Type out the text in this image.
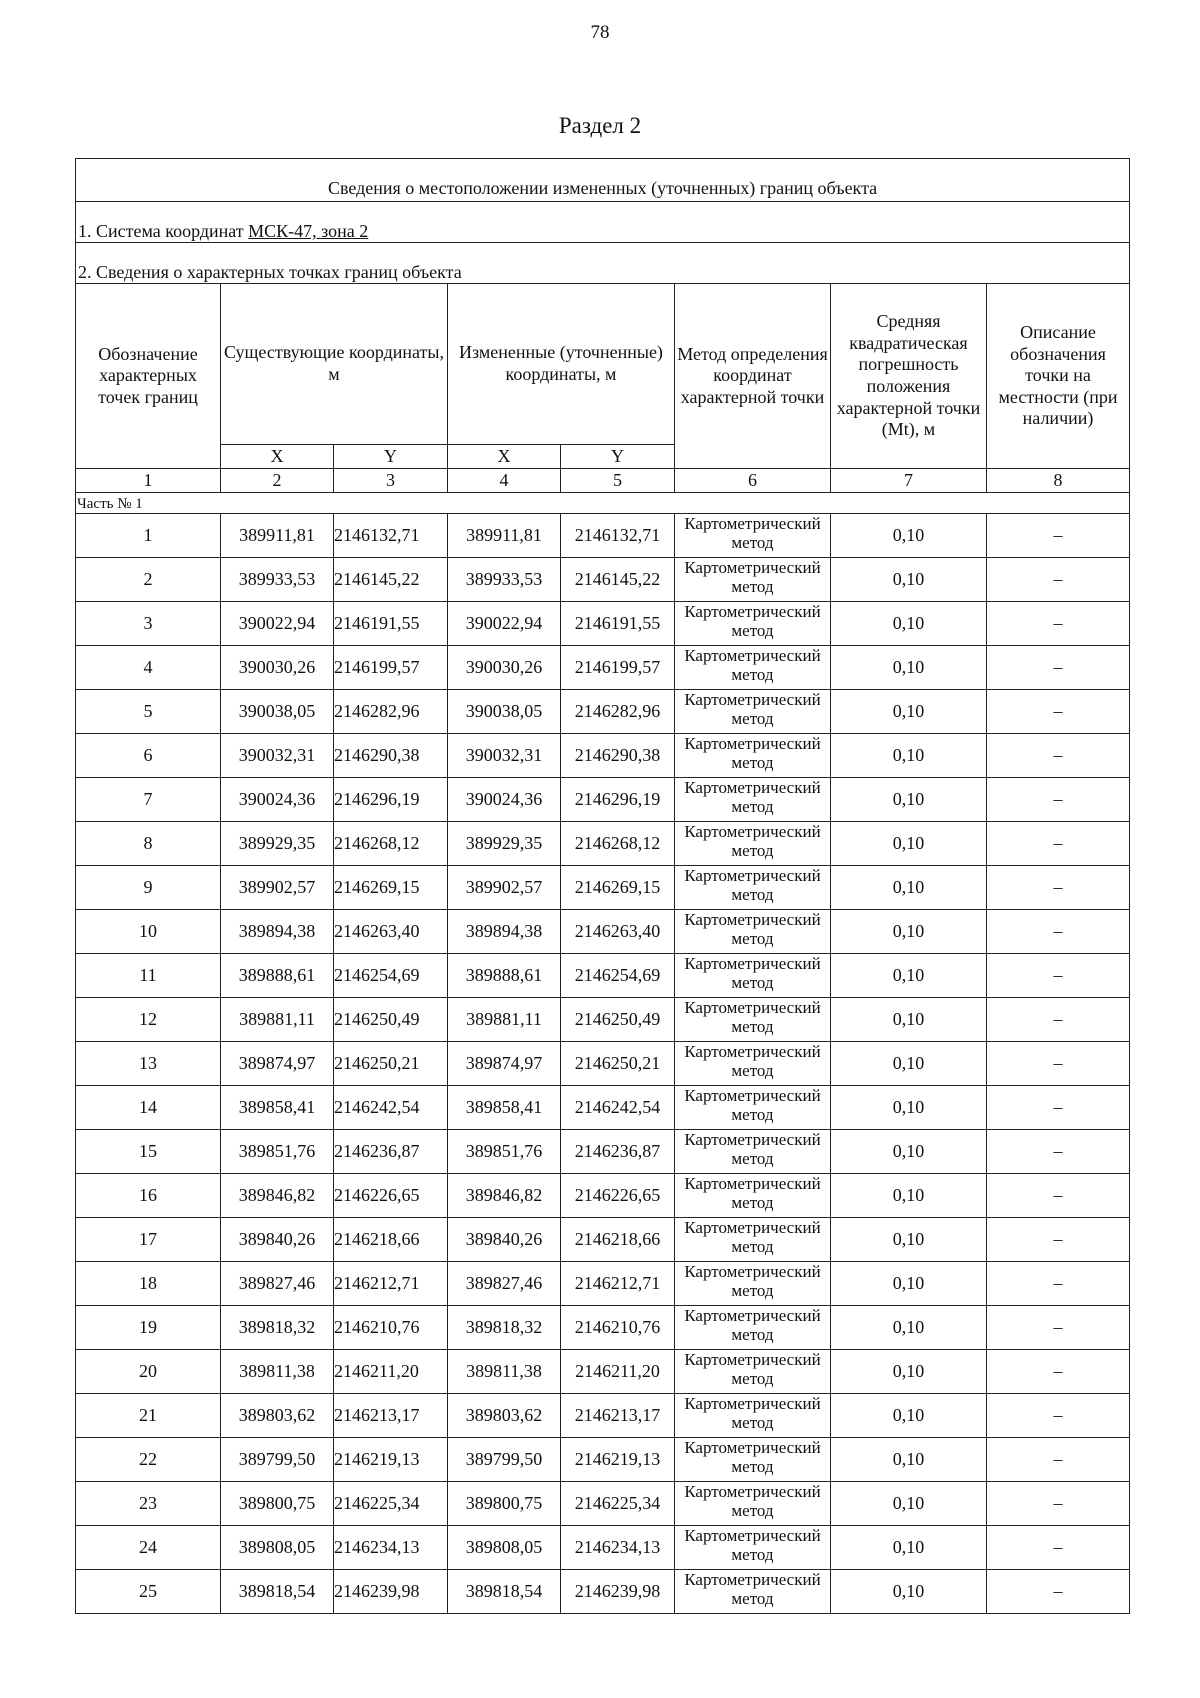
78
Раздел 2
Сведения о местоположении измененных (уточненных) границ объекта							
1. Система координат МСК-47, зона 2							
2. Сведения о характерных точках границ объекта							
Обозначение характерных точек границ	Существующие координаты, м		Измененные (уточненные) координаты, м		Метод определения координат характерной точки	Средняя квадратическая погрешность положения характерной точки (Мt), м	Описание обозначения точки на местности (при наличии)
	X	Y	X	Y			
1	2	3	4	5	6	7	8
Часть № 1							
1	389911,81	2146132,71	389911,81	2146132,71	Картометрический метод	0,10	–
2	389933,53	2146145,22	389933,53	2146145,22	Картометрический метод	0,10	–
3	390022,94	2146191,55	390022,94	2146191,55	Картометрический метод	0,10	–
4	390030,26	2146199,57	390030,26	2146199,57	Картометрический метод	0,10	–
5	390038,05	2146282,96	390038,05	2146282,96	Картометрический метод	0,10	–
6	390032,31	2146290,38	390032,31	2146290,38	Картометрический метод	0,10	–
7	390024,36	2146296,19	390024,36	2146296,19	Картометрический метод	0,10	–
8	389929,35	2146268,12	389929,35	2146268,12	Картометрический метод	0,10	–
9	389902,57	2146269,15	389902,57	2146269,15	Картометрический метод	0,10	–
10	389894,38	2146263,40	389894,38	2146263,40	Картометрический метод	0,10	–
11	389888,61	2146254,69	389888,61	2146254,69	Картометрический метод	0,10	–
12	389881,11	2146250,49	389881,11	2146250,49	Картометрический метод	0,10	–
13	389874,97	2146250,21	389874,97	2146250,21	Картометрический метод	0,10	–
14	389858,41	2146242,54	389858,41	2146242,54	Картометрический метод	0,10	–
15	389851,76	2146236,87	389851,76	2146236,87	Картометрический метод	0,10	–
16	389846,82	2146226,65	389846,82	2146226,65	Картометрический метод	0,10	–
17	389840,26	2146218,66	389840,26	2146218,66	Картометрический метод	0,10	–
18	389827,46	2146212,71	389827,46	2146212,71	Картометрический метод	0,10	–
19	389818,32	2146210,76	389818,32	2146210,76	Картометрический метод	0,10	–
20	389811,38	2146211,20	389811,38	2146211,20	Картометрический метод	0,10	–
21	389803,62	2146213,17	389803,62	2146213,17	Картометрический метод	0,10	–
22	389799,50	2146219,13	389799,50	2146219,13	Картометрический метод	0,10	–
23	389800,75	2146225,34	389800,75	2146225,34	Картометрический метод	0,10	–
24	389808,05	2146234,13	389808,05	2146234,13	Картометрический метод	0,10	–
25	389818,54	2146239,98	389818,54	2146239,98	Картометрический метод	0,10	–
